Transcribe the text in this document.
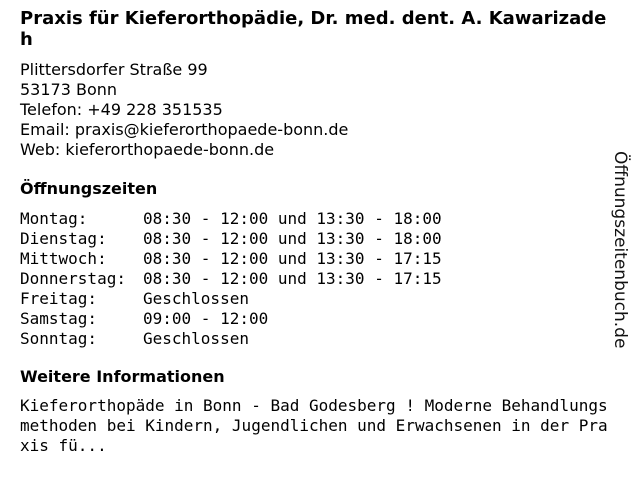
Praxis für Kieferorthopädie, Dr. med. dent. A. Kawarizadeh
Plittersdorfer Straße 99
53173 Bonn
Telefon: +49 228 351535
Email: praxis@kieferorthopaede-bonn.de
Web: kieferorthopaede-bonn.de
Öffnungszeiten
Montag:	08:30 - 12:00 und 13:30 - 18:00
Dienstag:	08:30 - 12:00 und 13:30 - 18:00
Mittwoch:	08:30 - 12:00 und 13:30 - 17:15
Donnerstag:	08:30 - 12:00 und 13:30 - 17:15
Freitag:	Geschlossen
Samstag:	09:00 - 12:00
Sonntag:	Geschlossen
Weitere Informationen
Kieferorthopäde in Bonn - Bad Godesberg ! Moderne Behandlungsmethoden bei Kindern, Jugendlichen und Erwachsenen in der Praxis fü...
Öffnungszeitenbuch.de
